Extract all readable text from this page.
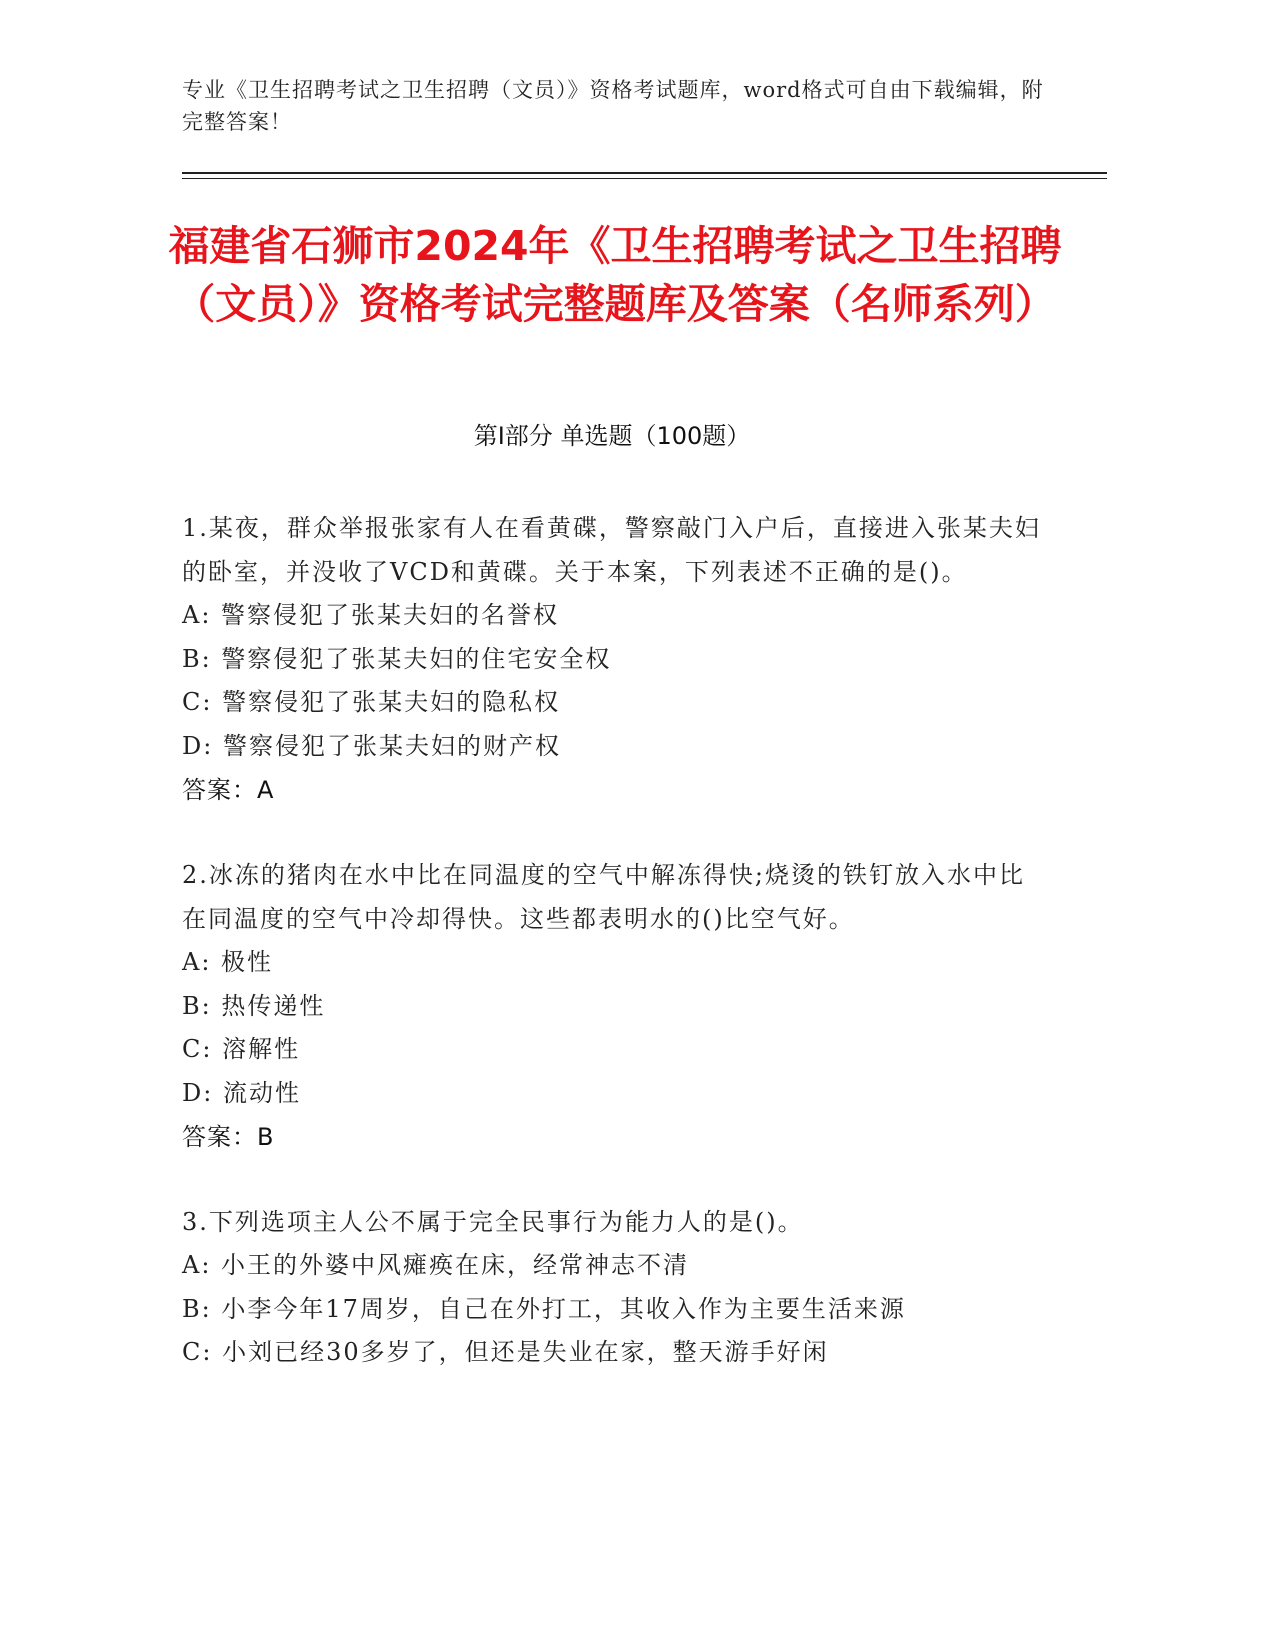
专业《卫生招聘考试之卫生招聘（文员）》资格考试题库，word格式可自由下载编辑，附完整答案！
福建省石狮市2024年《卫生招聘考试之卫生招聘（文员）》资格考试完整题库及答案（名师系列）
第I部分 单选题（100题）
1.某夜，群众举报张家有人在看黄碟，警察敲门入户后，直接进入张某夫妇的卧室，并没收了VCD和黄碟。关于本案，下列表述不正确的是()。
A: 警察侵犯了张某夫妇的名誉权
B: 警察侵犯了张某夫妇的住宅安全权
C: 警察侵犯了张某夫妇的隐私权
D: 警察侵犯了张某夫妇的财产权
答案：A
2.冰冻的猪肉在水中比在同温度的空气中解冻得快;烧烫的铁钉放入水中比在同温度的空气中冷却得快。这些都表明水的()比空气好。
A: 极性
B: 热传递性
C: 溶解性
D: 流动性
答案：B
3.下列选项主人公不属于完全民事行为能力人的是()。
A: 小王的外婆中风瘫痪在床，经常神志不清
B: 小李今年17周岁，自己在外打工，其收入作为主要生活来源
C: 小刘已经30多岁了，但还是失业在家，整天游手好闲
